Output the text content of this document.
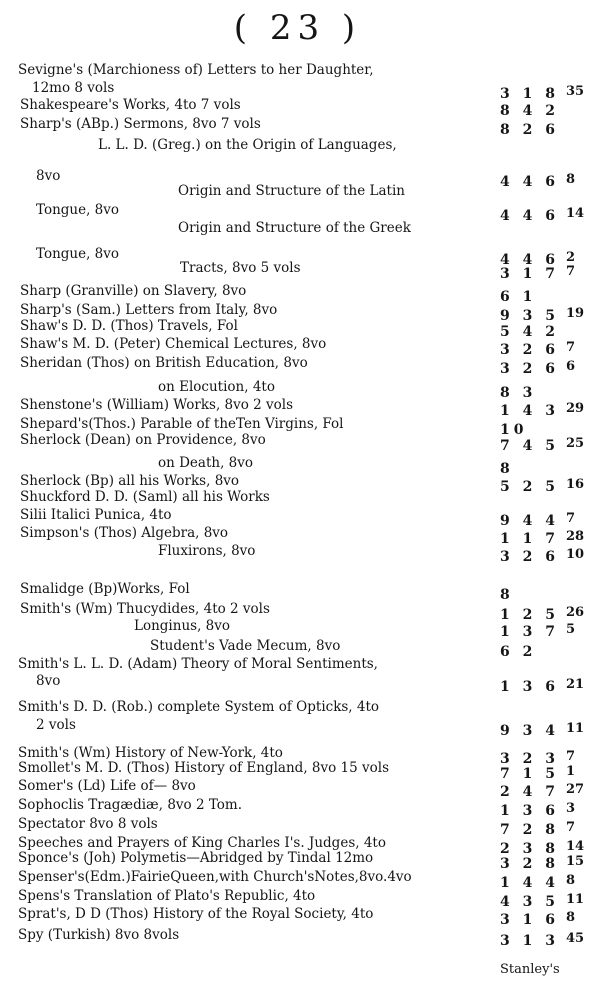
( 23 )
Sevigne's (Marchioness of) Letters to her Daughter,
12mo 8 vols	3 1 8 35
Shakespeare's Works, 4to 7 vols	8 4 2
Sharp's (ABp.) Sermons, 8vo 7 vols	8 2 6
L. L. D. (Greg.) on the Origin of Languages,
8vo	4 4 6 8
Origin and Structure of the Latin
Tongue, 8vo	4 4 6 14
Origin and Structure of the Greek
Tongue, 8vo	4 4 6 2
Tracts, 8vo 5 vols	3 1 7 7
Sharp (Granville) on Slavery, 8vo	6 1
Sharp's (Sam.) Letters from Italy, 8vo	9 3 5 19
Shaw's D. D. (Thos) Travels, Fol	5 4 2
Shaw's M. D. (Peter) Chemical Lectures, 8vo	3 2 6 7
Sheridan (Thos) on British Education, 8vo	3 2 6 6
on Elocution, 4to	8 3
Shenstone's (William) Works, 8vo 2 vols	1 4 3 29
Shepard's(Thos.) Parable of theTen Virgins, Fol	10
Sherlock (Dean) on Providence, 8vo	7 4 5 25
on Death, 8vo	8
Sherlock (Bp) all his Works, 8vo	5 2 5 16
Shuckford D. D. (Saml) all his Works
Silii Italici Punica, 4to	9 4 4 7
Simpson's (Thos) Algebra, 8vo	1 1 7 28
Fluxirons, 8vo	3 2 6 10
Smalidge (Bp)Works, Fol	8
Smith's (Wm) Thucydides, 4to 2 vols	1 2 5 26
Longinus, 8vo	1 3 7 5
Student's Vade Mecum, 8vo	6 2
Smith's L. L. D. (Adam) Theory of Moral Sentiments,
8vo	1 3 6 21
Smith's D. D. (Rob.) complete System of Opticks, 4to
2 vols	9 3 4 11
Smith's (Wm) History of New-York, 4to	3 2 3 7
Smollet's M. D. (Thos) History of England, 8vo 15 vols	7 1 5 1
Somer's (Ld) Life of— 8vo	2 4 7 27
Sophoclis Tragædiæ, 8vo 2 Tom.	1 3 6 3
Spectator 8vo 8 vols	7 2 8 7
Speeches and Prayers of King Charles I's. Judges, 4to	2 3 8 14
Sponce's (Joh) Polymetis—Abridged by Tindal 12mo	3 2 8 15
Spenser's(Edm.)FairieQueen,with Church'sNotes,8vo.4vo	1 4 4 8
Spens's Translation of Plato's Republic, 4to	4 3 5 11
Sprat's, D D (Thos) History of the Royal Society, 4to	3 1 6 8
Spy (Turkish) 8vo 8vols	3 1 3 45
Stanley's
